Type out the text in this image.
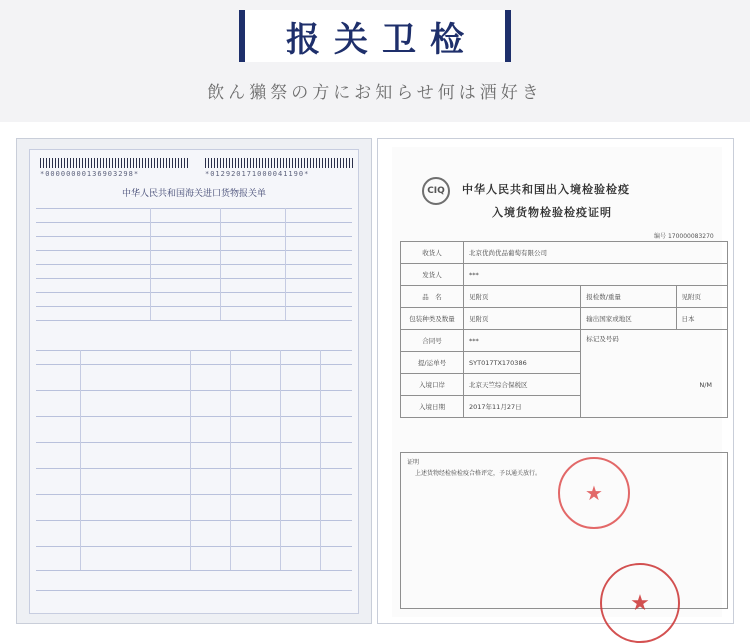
报关卫检
飲ん獺祭の方にお知らせ何は酒好き
*00000000136903298*	*012920171000041190*
中华人民共和国海关进口货物报关单	CIQ	中华人民共和国出入境检验检疫
入境货物检验检疫证明
编号 170000083270
收货人	北京优尚优品葡萄有限公司		
发货人	***		
品　名	见附页	报检数/重量	见附页
包装种类及数量	见附页	输出国家或地区	日本
合同号	***	标记及号码
N/M	

提/运单号	SYT017TX170386		
入境口岸	北京天竺综合保税区		
入境日期	2017年11月27日		
证明
上述货物经检验检疫合格评定，予以通关放行。
★
★
